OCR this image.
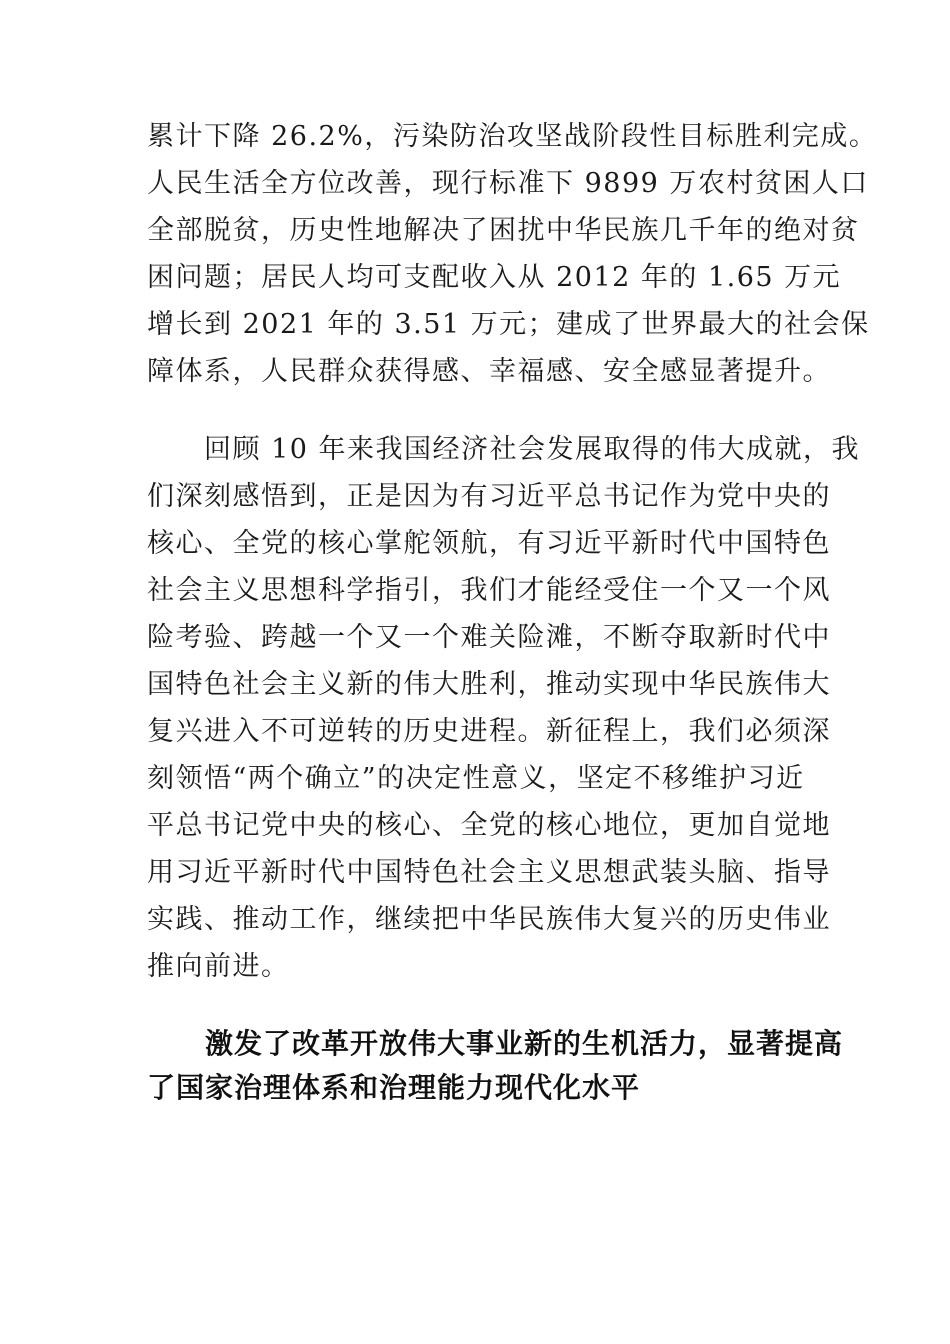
累计下降 26.2%，污染防治攻坚战阶段性目标胜利完成。
人民生活全方位改善，现行标准下 9899 万农村贫困人口
全部脱贫，历史性地解决了困扰中华民族几千年的绝对贫
困问题；居民人均可支配收入从 2012 年的 1.65 万元
增长到 2021 年的 3.51 万元；建成了世界最大的社会保
障体系，人民群众获得感、幸福感、安全感显著提升。
　　回顾 10 年来我国经济社会发展取得的伟大成就，我
们深刻感悟到，正是因为有习近平总书记作为党中央的
核心、全党的核心掌舵领航，有习近平新时代中国特色
社会主义思想科学指引，我们才能经受住一个又一个风
险考验、跨越一个又一个难关险滩，不断夺取新时代中
国特色社会主义新的伟大胜利，推动实现中华民族伟大
复兴进入不可逆转的历史进程。新征程上，我们必须深
刻领悟“两个确立”的决定性意义，坚定不移维护习近
平总书记党中央的核心、全党的核心地位，更加自觉地
用习近平新时代中国特色社会主义思想武装头脑、指导
实践、推动工作，继续把中华民族伟大复兴的历史伟业
推向前进。
　　激发了改革开放伟大事业新的生机活力，显著提高
了国家治理体系和治理能力现代化水平
